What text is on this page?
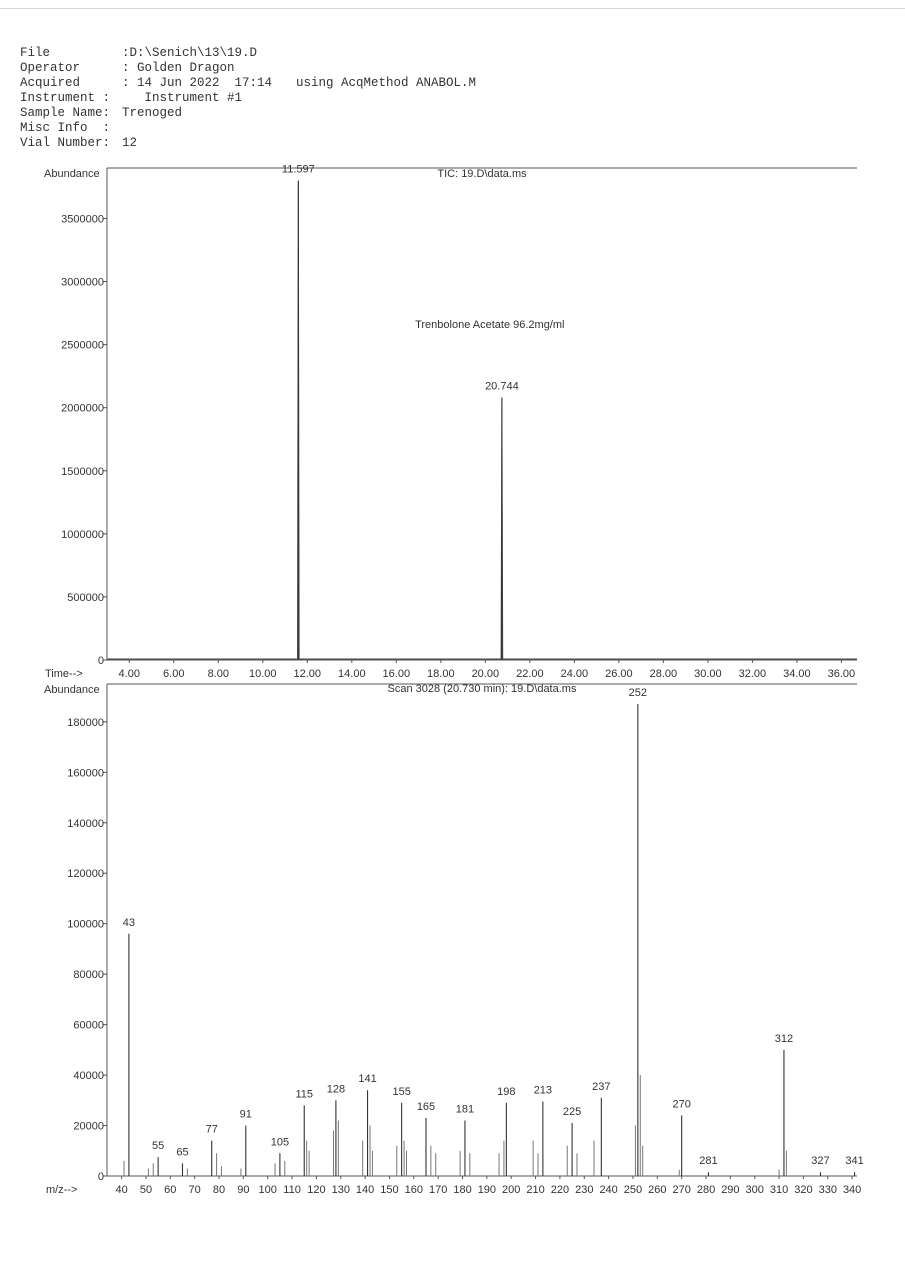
File	:D:\Senich\13\19.D
Operator	: Golden Dragon
Acquired	: 14 Jun 2022  17:14 using AcqMethod ANABOL.M
Instrument :   Instrument #1
Sample Name: Trenoged
Misc Info  :
Vial Number: 12
TIC: 19.D\data.ms
Abundance
Time-->
0
500000
1000000
1500000
2000000
2500000
3000000
3500000
4.00 6.00 8.00 10.00 12.00 14.00 16.00 18.00 20.00 22.00 24.00 26.00 28.00 30.00 32.00 34.00 36.00
11.597
20.744
Trenbolone Acetate 96.2mg/ml
Scan 3028 (20.730 min): 19.D\data.ms
Abundance
m/z-->
0
20000
40000
60000
80000
100000
120000
140000
160000
180000
40 50 60 70 80 90 100 110 120 130 140 150 160 170 180 190 200 210 220 230 240 250 260 270 280 290 300 310 320 330 340
43
55
65
77
91
105
115 128
141
155
165 181
198 213
225
237
252
270
281
312
327 341
